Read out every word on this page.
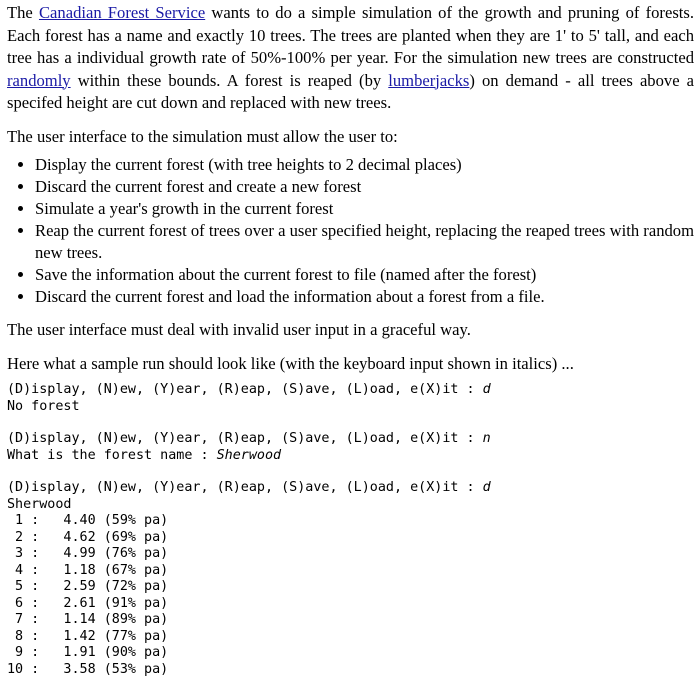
The Canadian Forest Service wants to do a simple simulation of the growth and pruning of forests. Each forest has a name and exactly 10 trees. The trees are planted when they are 1' to 5' tall, and each tree has a individual growth rate of 50%-100% per year. For the simulation new trees are constructed randomly within these bounds. A forest is reaped (by lumberjacks) on demand - all trees above a specifed height are cut down and replaced with new trees.

The user interface to the simulation must allow the user to:

• Display the current forest (with tree heights to 2 decimal places)
• Discard the current forest and create a new forest
• Simulate a year's growth in the current forest
• Reap the current forest of trees over a user specified height, replacing the reaped trees with random new trees.
• Save the information about the current forest to file (named after the forest)
• Discard the current forest and load the information about a forest from a file.

The user interface must deal with invalid user input in a graceful way.

Here what a sample run should look like (with the keyboard input shown in italics) ...

(D)isplay, (N)ew, (Y)ear, (R)eap, (S)ave, (L)oad, e(X)it : d
No forest
(D)isplay, (N)ew, (Y)ear, (R)eap, (S)ave, (L)oad, e(X)it : n
What is the forest name : Sherwood
(D)isplay, (N)ew, (Y)ear, (R)eap, (S)ave, (L)oad, e(X)it : d
Sherwood
1 :   4.40 (59% pa)
2 :   4.62 (69% pa)
3 :   4.99 (76% pa)
4 :   1.18 (67% pa)
5 :   2.59 (72% pa)
6 :   2.61 (91% pa)
7 :   1.14 (89% pa)
8 :   1.42 (77% pa)
9 :   1.91 (90% pa)
10 :   3.58 (53% pa)
